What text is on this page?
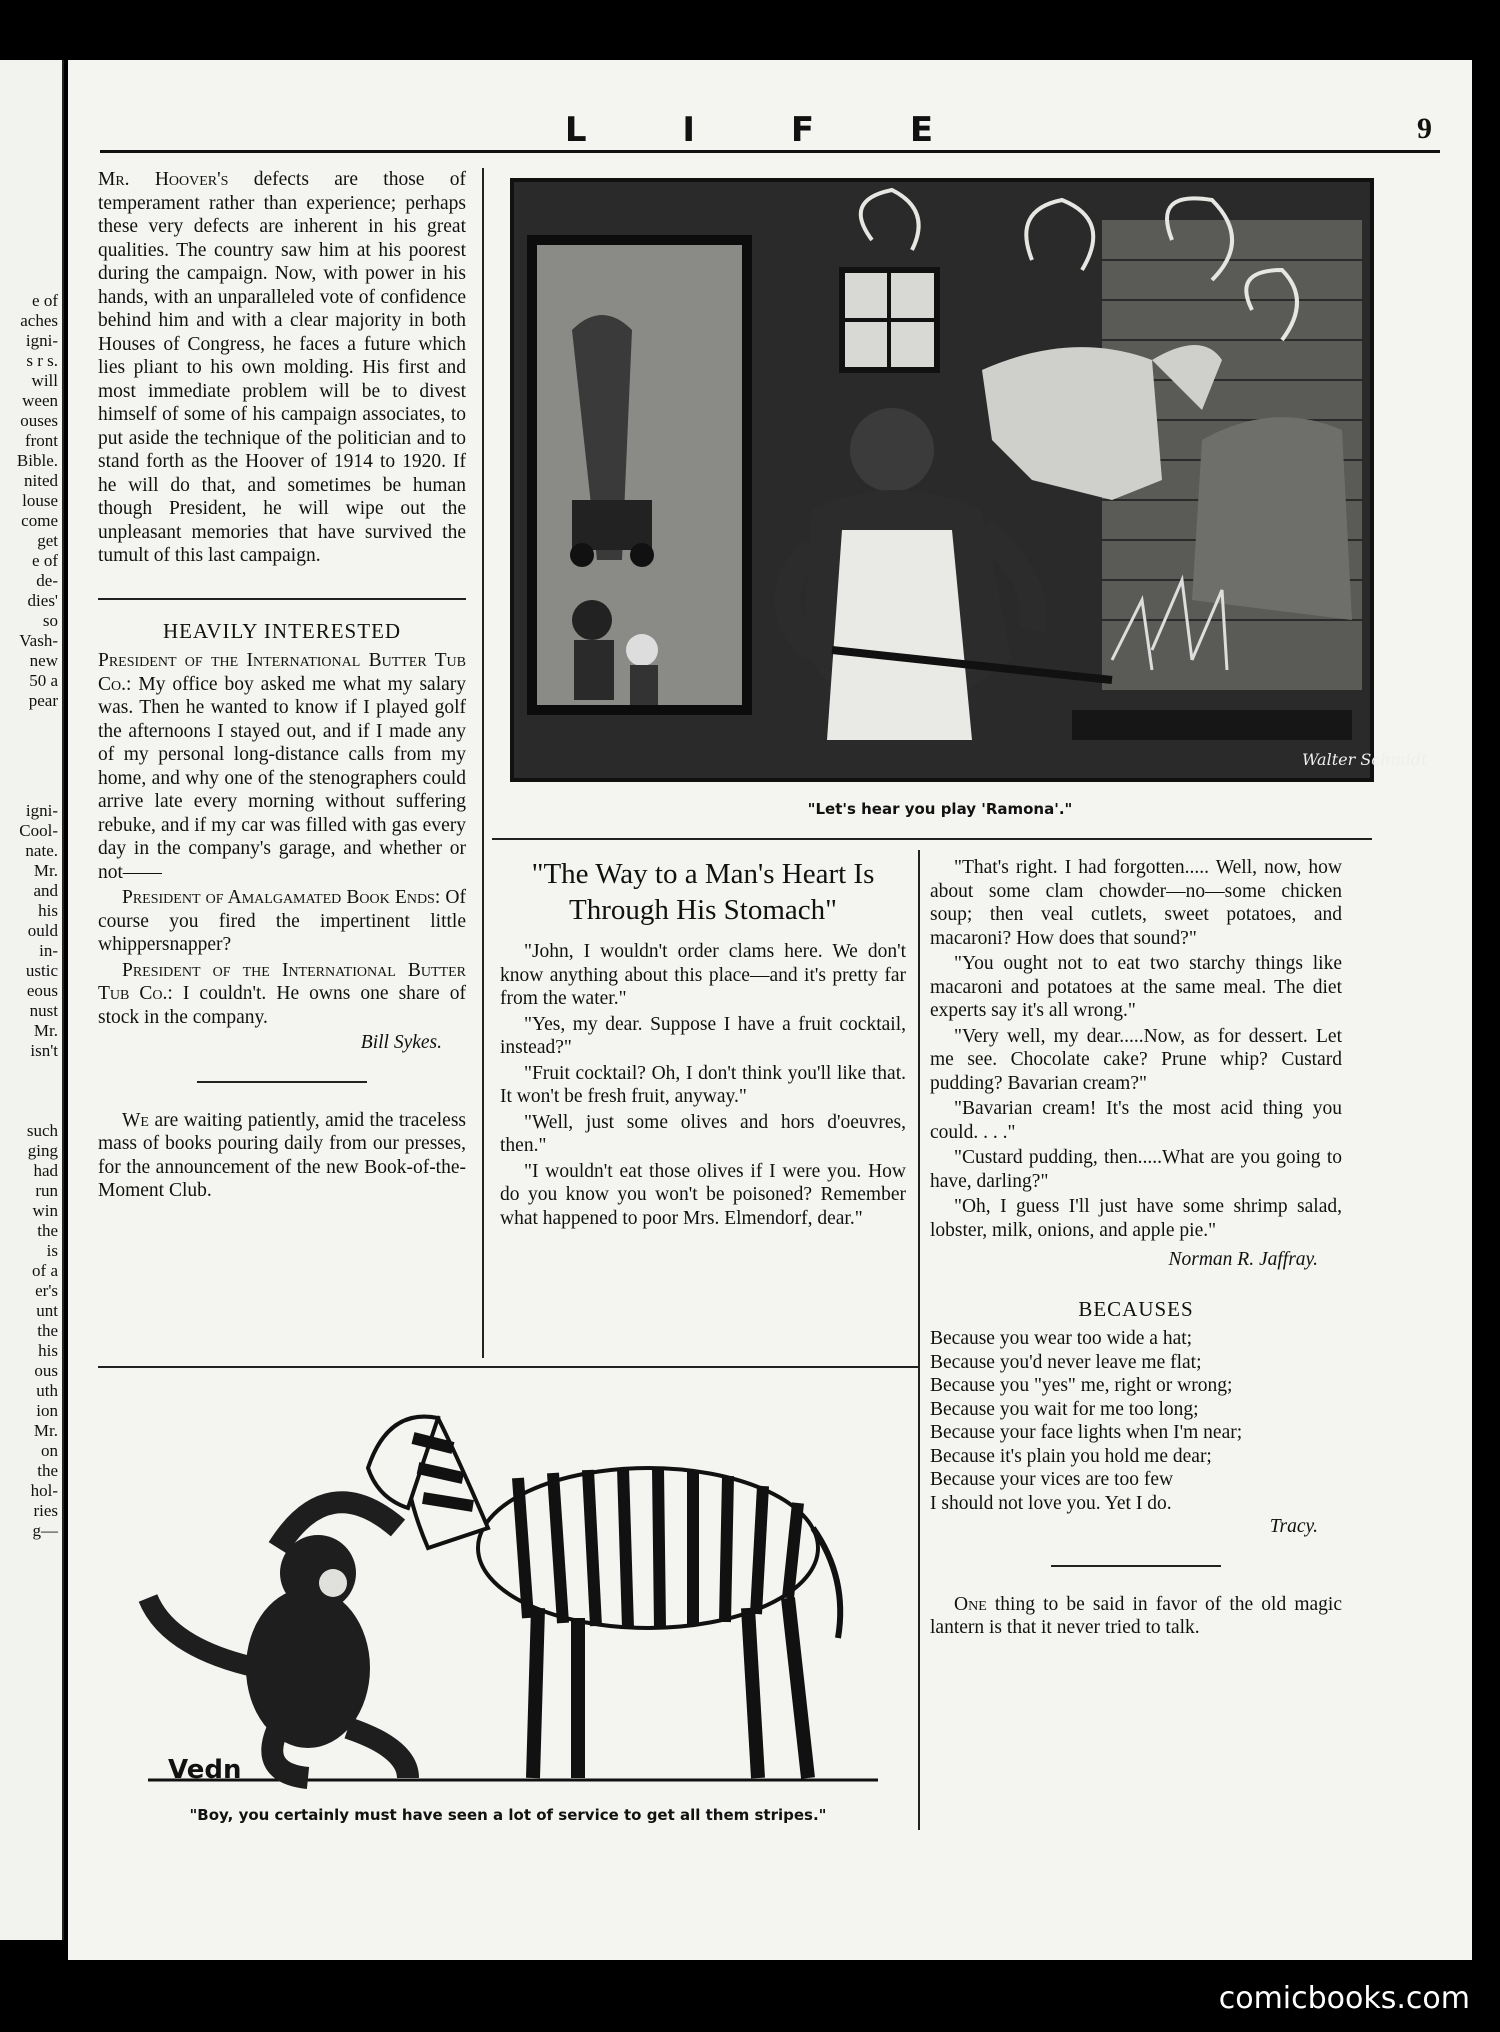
e of

aches

igni-

s r s.

will

ween

ouses

front

Bible.

nited

louse

come

get

e of

de-

dies'

so

Vash-

new

50 a

pear

igni-

Cool-

nate.

Mr.

and

his

ould

in-

ustic

eous

nust

Mr.

isn't

such

ging

had

run

win

the

is

of a

er's

unt

the

his

ous

uth

ion

Mr.

on

the

hol-

ries

g—

L I F E	9

Mr. Hoover's defects are those of temperament rather than experience; perhaps these very defects are inherent in his great qualities. The country saw him at his poorest during the campaign. Now, with power in his hands, with an unparalleled vote of confidence behind him and with a clear majority in both Houses of Congress, he faces a future which lies pliant to his own molding. His first and most immediate problem will be to divest himself of some of his campaign associates, to put aside the technique of the politician and to stand forth as the Hoover of 1914 to 1920. If he will do that, and sometimes be human though President, he will wipe out the unpleasant memories that have survived the tumult of this last campaign.

HEAVILY INTERESTED

President of the International Butter Tub Co.: My office boy asked me what my salary was. Then he wanted to know if I played golf the afternoons I stayed out, and if I made any of my personal long-distance calls from my home, and why one of the stenographers could arrive late every morning without suffering rebuke, and if my car was filled with gas every day in the company's garage, and whether or not——

President of Amalgamated Book Ends: Of course you fired the impertinent little whippersnapper?

President of the International Butter Tub Co.: I couldn't. He owns one share of stock in the company.

Bill Sykes.

We are waiting patiently, amid the traceless mass of books pouring daily from our presses, for the announcement of the new Book-of-the-Moment Club.

Walter Schmidt
"Let's hear you play 'Ramona'."
"The Way to a Man's Heart Is Through His Stomach"

"John, I wouldn't order clams here. We don't know anything about this place—and it's pretty far from the water."

"Yes, my dear. Suppose I have a fruit cocktail, instead?"

"Fruit cocktail? Oh, I don't think you'll like that. It won't be fresh fruit, anyway."

"Well, just some olives and hors d'oeuvres, then."

"I wouldn't eat those olives if I were you. How do you know you won't be poisoned? Remember what happened to poor Mrs. Elmendorf, dear."

"That's right. I had forgotten..... Well, now, how about some clam chowder—no—some chicken soup; then veal cutlets, sweet potatoes, and macaroni? How does that sound?"

"You ought not to eat two starchy things like macaroni and potatoes at the same meal. The diet experts say it's all wrong."

"Very well, my dear.....Now, as for dessert. Let me see. Chocolate cake? Prune whip? Custard pudding? Bavarian cream?"

"Bavarian cream! It's the most acid thing you could. . . ."

"Custard pudding, then.....What are you going to have, darling?"

"Oh, I guess I'll just have some shrimp salad, lobster, milk, onions, and apple pie."

Norman R. Jaffray.
BECAUSES

Because you wear too wide a hat;

Because you'd never leave me flat;

Because you "yes" me, right or wrong;

Because you wait for me too long;

Because your face lights when I'm near;

Because it's plain you hold me dear;

Because your vices are too few

I should not love you. Yet I do.

Tracy.

One thing to be said in favor of the old magic lantern is that it never tried to talk.

Vedn
"Boy, you certainly must have seen a lot of service to get all them stripes."
comicbooks.com
